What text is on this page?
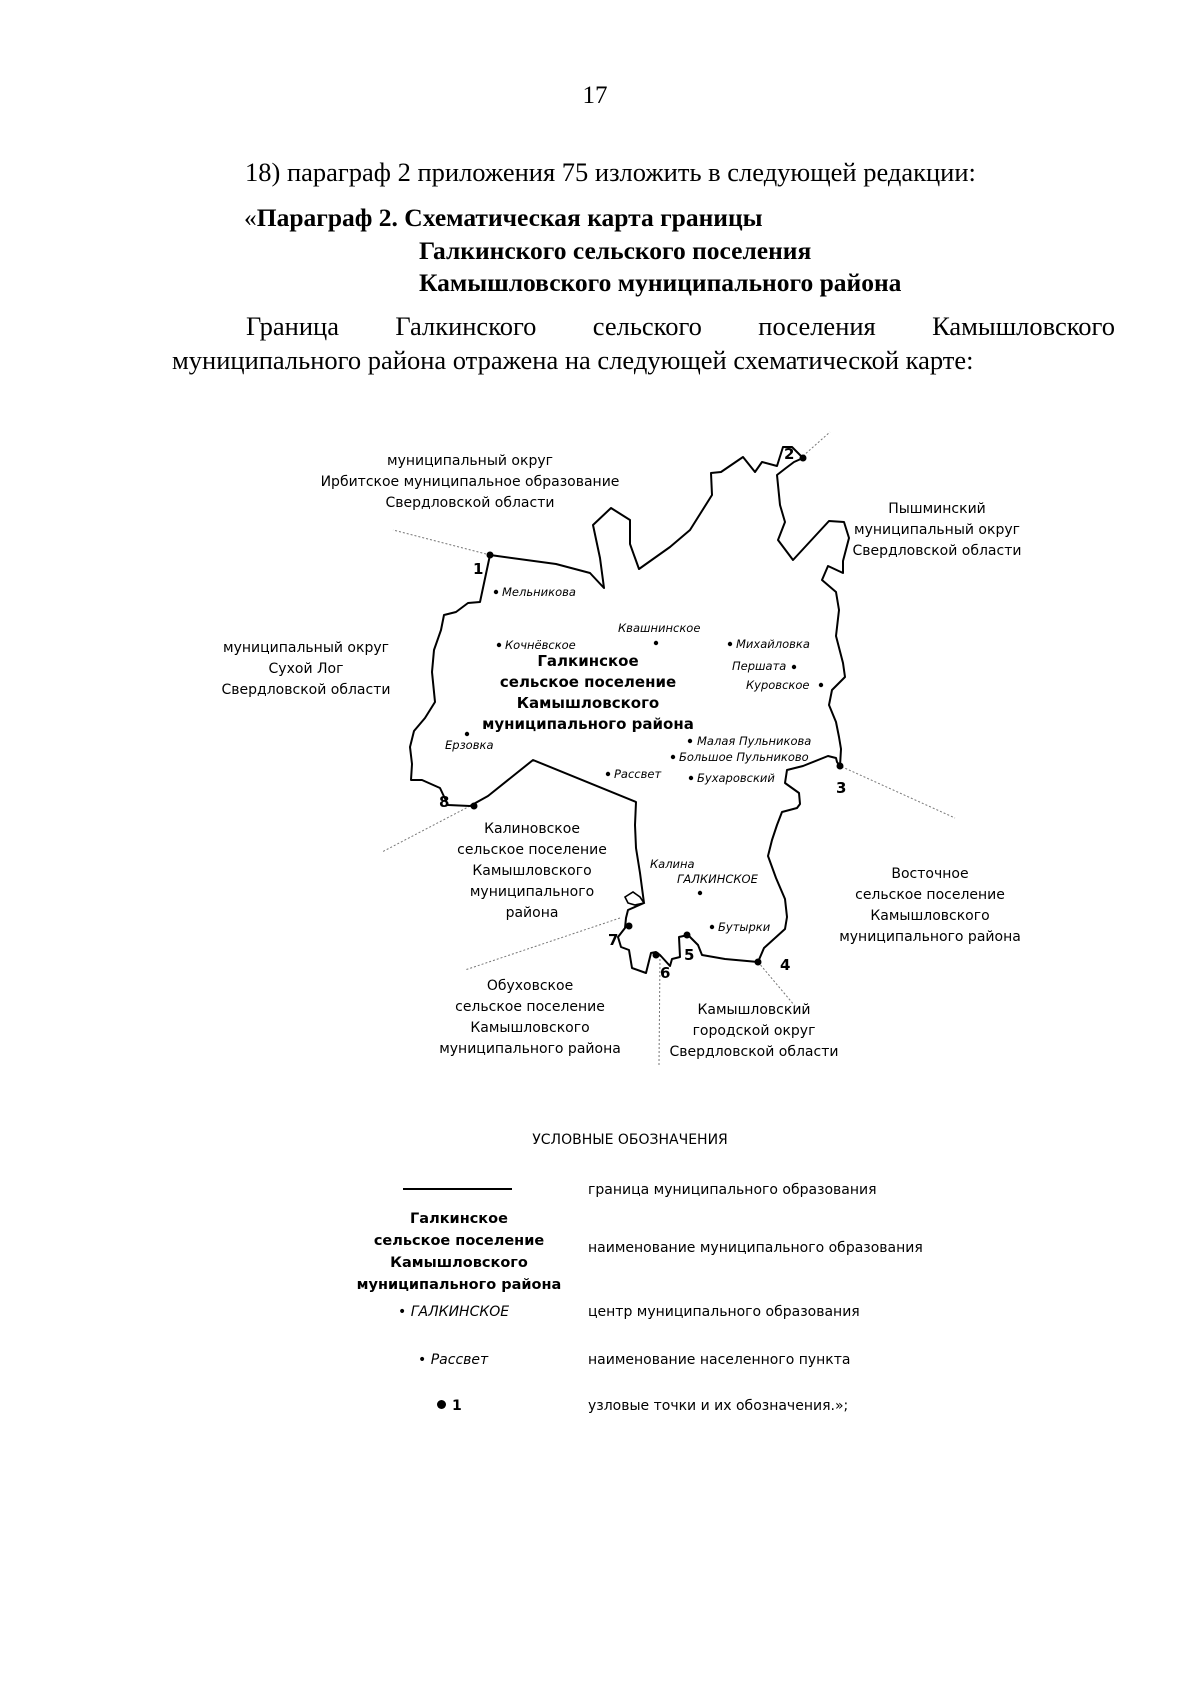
17
18) параграф 2 приложения 75 изложить в следующей редакции:
«Параграф 2. Схематическая карта границы
Галкинского сельского поселения
Камышловского муниципального района
Граница Галкинского сельского поселения Камышловского
муниципального района отражена на следующей схематической карте:
1
2
3
4
5
6
7
8
муниципальный округ
Ирбитское муниципальное образование
Свердловской области	Пышминский
муниципальный округ
Свердловской области
муниципальный округ
Сухой Лог
Свердловской области
Калиновское
сельское поселение
Камышловского
муниципального
района
Восточное
сельское поселение
Камышловского
муниципального района
Обуховское
сельское поселение
Камышловского
муниципального района
Камышловский
городской округ
Свердловской области
Галкинское
сельское поселение
Камышловского
муниципального района
Мельникова
Квашнинское
Кочнёвское	Михайловка
Першата
Куровское
Ерзовка	Малая Пульникова
Большое Пульниково
Бухаровский
Рассвет
Калина
ГАЛКИНСКОЕ
Бутырки
УСЛОВНЫЕ ОБОЗНАЧЕНИЯ
граница муниципального образования
Галкинское
сельское поселение
Камышловского
муниципального района
наименование муниципального образования
• ГАЛКИНСКОЕ	центр муниципального образования
• Рассвет	наименование населенного пункта
1	узловые точки и их обозначения.»;
